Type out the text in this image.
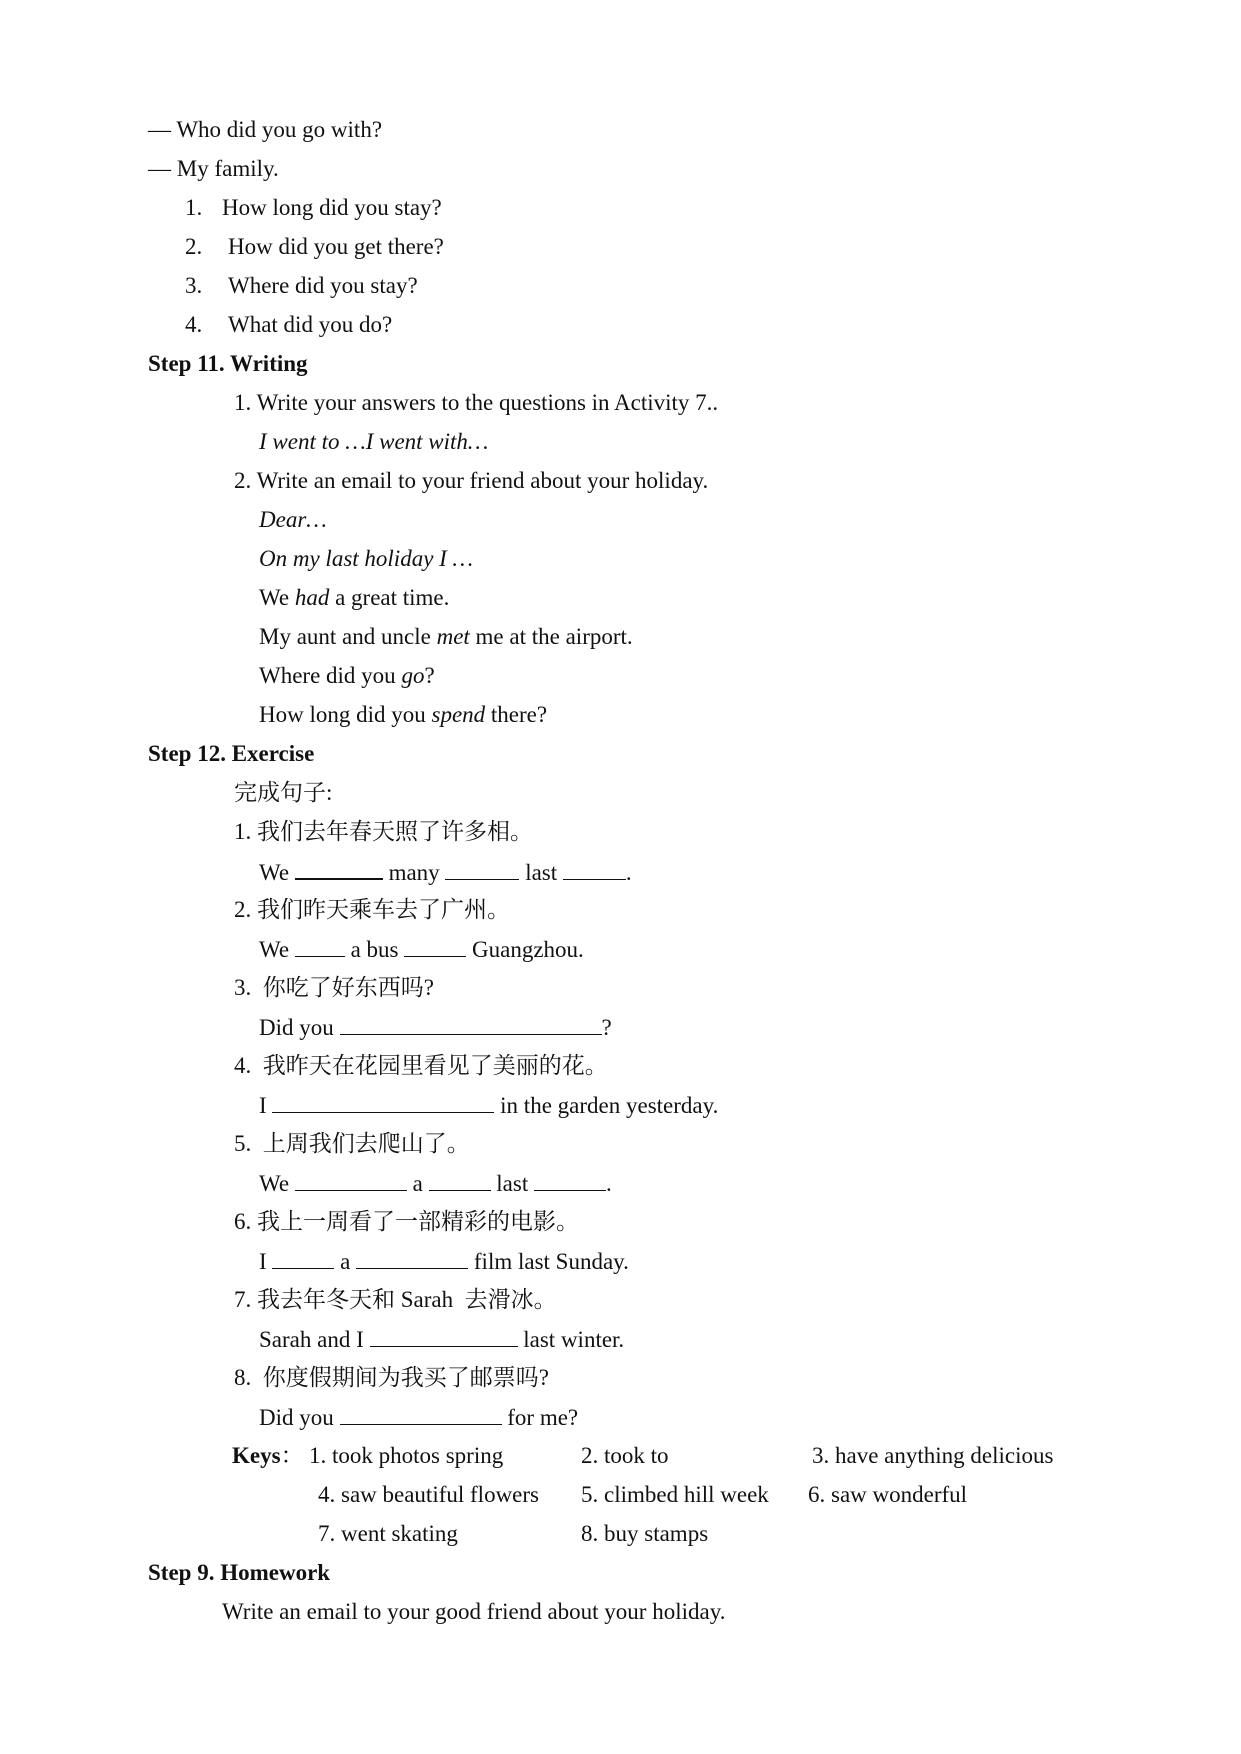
— Who did you go with?
— My family.
1. How long did you stay?
2. How did you get there?
3. Where did you stay?
4. What did you do?
Step 11. Writing
1. Write your answers to the questions in Activity 7..
I went to …I went with…
2. Write an email to your friend about your holiday.
Dear…
On my last holiday I …
We had a great time.
My aunt and uncle met me at the airport.
Where did you go?
How long did you spend there?
Step 12. Exercise
完成句子:
1. 我们去年春天照了许多相。
We	many	last	.
2. 我们昨天乘车去了广州。
We  a bus	Guangzhou.
3.  你吃了好东西吗?
Did you	?
4.  我昨天在花园里看见了美丽的花。
I	in the garden yesterday.
5.  上周我们去爬山了。
We	a	last	.
6. 我上一周看了一部精彩的电影。
I	a	film last Sunday.
7. 我去年冬天和 Sarah  去滑冰。
Sarah and I	last winter.
8.  你度假期间为我买了邮票吗?
Did you	for me?
Keys： 1. took photos spring	2. took to	3. have anything delicious
4. saw beautiful flowers 5. climbed hill week 6. saw wonderful
7. went skating	8. buy stamps
Step 9. Homework
Write an email to your good friend about your holiday.
